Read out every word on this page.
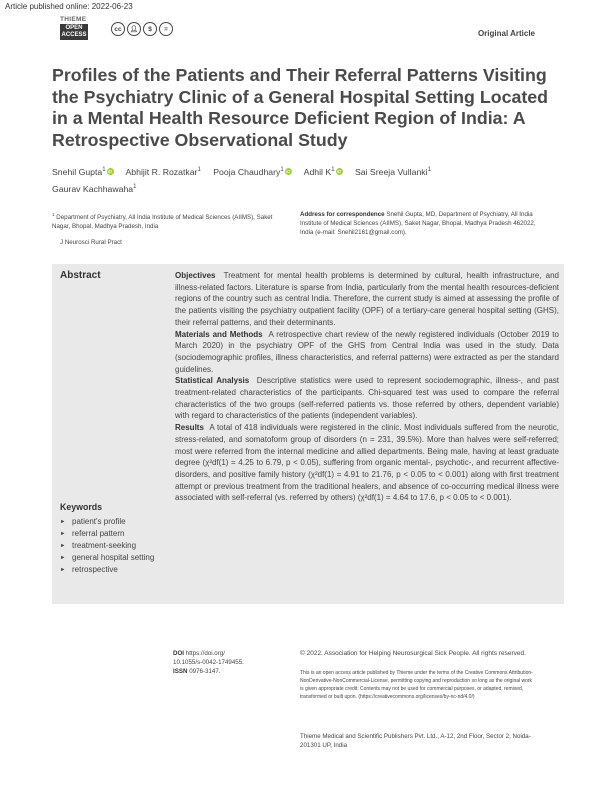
Article published online: 2022-06-23
THIEME
OPEN
ACCESS
cc	👤︎	$	=	Original Article
Profiles of the Patients and Their Referral Patterns Visiting the Psychiatry Clinic of a General Hospital Setting Located in a Mental Health Resource Deficient Region of India: A Retrospective Observational Study
Snehil Gupta$^1$ iD Abhijit R. Rozatkar$^1$ Pooja Chaudhary$^1$ iD Adhil $K^1$ iD Sai Sreeja Vullanki$^1$
Gaurav Kachhawaha$^1$
$^1$ Department of Psychiatry, All India Institute of Medical Sciences (AIIMS), Saket Nagar, Bhopal, Madhya Pradesh, India
J Neurosci Rural Pract
Address for correspondence Snehil Gupta, MD, Department of Psychiatry, All India Institute of Medical Sciences (AIIMS), Saket Nagar, Bhopal, Madhya Pradesh 462022, India (e-mail: Snehil2161@gmail.com).
Abstract
Keywords
► patient's profile
► referral pattern
► treatment-seeking
► general hospital setting
► retrospective

Objectives Treatment for mental health problems is determined by cultural, health infrastructure, and illness-related factors. Literature is sparse from India, particularly from the mental health resources-deficient regions of the country such as central India. Therefore, the current study is aimed at assessing the profile of the patients visiting the psychiatry outpatient facility (OPF) of a tertiary-care general hospital setting (GHS), their referral patterns, and their determinants.

Materials and Methods A retrospective chart review of the newly registered individuals (October 2019 to March 2020) in the psychiatry OPF of the GHS from Central India was used in the study. Data (sociodemographic profiles, illness characteristics, and referral patterns) were extracted as per the standard guidelines.

Statistical Analysis Descriptive statistics were used to represent sociodemographic, illness-, and past treatment-related characteristics of the participants. Chi-squared test was used to compare the referral characteristics of the two groups (self-referred patients vs. those referred by others, dependent variable) with regard to characteristics of the patients (independent variables).

Results A total of 418 individuals were registered in the clinic. Most individuals suffered from the neurotic, stress-related, and somatoform group of disorders (n = 231, 39.5%). More than halves were self-referred; most were referred from the internal medicine and allied departments. Being male, having at least graduate degree (χ²df(1) = 4.25 to 6.79, p < 0.05), suffering from organic mental-, psychotic-, and recurrent affective-disorders, and positive family history (χ²df(1) = 4.91 to 21.76, p < 0.05 to < 0.001) along with first treatment attempt or previous treatment from the traditional healers, and absence of co-occurring medical illness were associated with self-referral (vs. referred by others) (χ²df(1) = 4.64 to 17.6, p < 0.05 to < 0.001).

DOI https://doi.org/
10.1055/s-0042-1749455.
ISSN 0976-3147.
© 2022. Association for Helping Neurosurgical Sick People. All rights reserved.
This is an open access article published by Thieme under the terms of the Creative Commons Attribution-NonDerivative-NonCommercial-License, permitting copying and reproduction so long as the original work is given appropriate credit. Contents may not be used for commercial purposes, or adapted, remixed, transformed or built upon. (https://creativecommons.org/licenses/by-nc-nd/4.0/)
Thieme Medical and Scientific Publishers Pvt. Ltd., A-12, 2nd Floor, Sector 2, Noida-201301 UP, India
